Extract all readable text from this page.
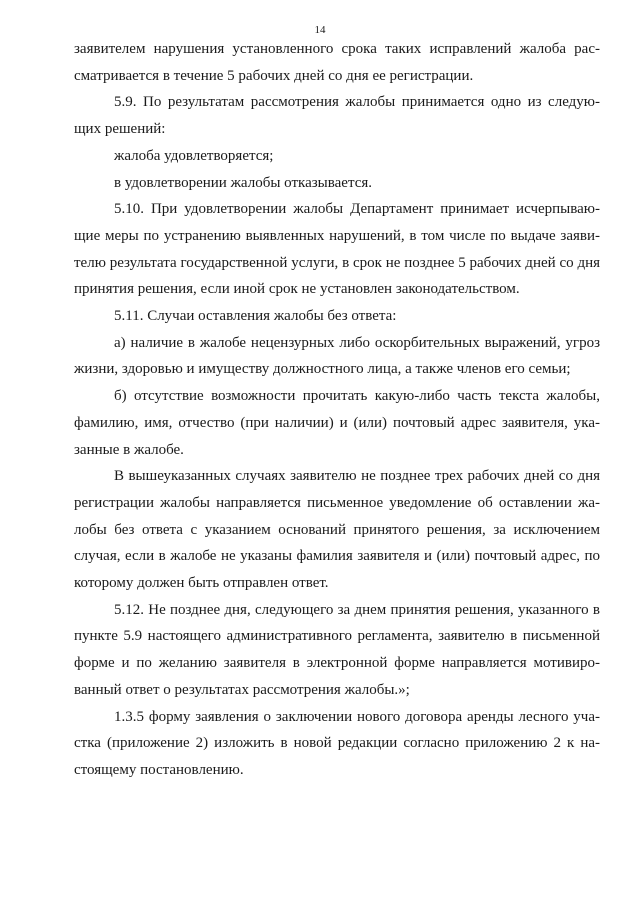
14

заявителем нарушения установленного срока таких исправлений жалоба рассматривается в течение 5 рабочих дней со дня ее регистрации.

5.9. По результатам рассмотрения жалобы принимается одно из следующих решений:

жалоба удовлетворяется;

в удовлетворении жалобы отказывается.

5.10. При удовлетворении жалобы Департамент принимает исчерпывающие меры по устранению выявленных нарушений, в том числе по выдаче заявителю результата государственной услуги, в срок не позднее 5 рабочих дней со дня принятия решения, если иной срок не установлен законодательством.

5.11. Случаи оставления жалобы без ответа:

а) наличие в жалобе нецензурных либо оскорбительных выражений, угроз жизни, здоровью и имуществу должностного лица, а также членов его семьи;

б) отсутствие возможности прочитать какую-либо часть текста жалобы, фамилию, имя, отчество (при наличии) и (или) почтовый адрес заявителя, указанные в жалобе.

В вышеуказанных случаях заявителю не позднее трех рабочих дней со дня регистрации жалобы направляется письменное уведомление об оставлении жалобы без ответа с указанием оснований принятого решения, за исключением случая, если в жалобе не указаны фамилия заявителя и (или) почтовый адрес, по которому должен быть отправлен ответ.

5.12. Не позднее дня, следующего за днем принятия решения, указанного в пункте 5.9 настоящего административного регламента, заявителю в письменной форме и по желанию заявителя в электронной форме направляется мотивированный ответ о результатах рассмотрения жалобы.»;

1.3.5 форму заявления о заключении нового договора аренды лесного участка (приложение 2) изложить в новой редакции согласно приложению 2 к настоящему постановлению.
